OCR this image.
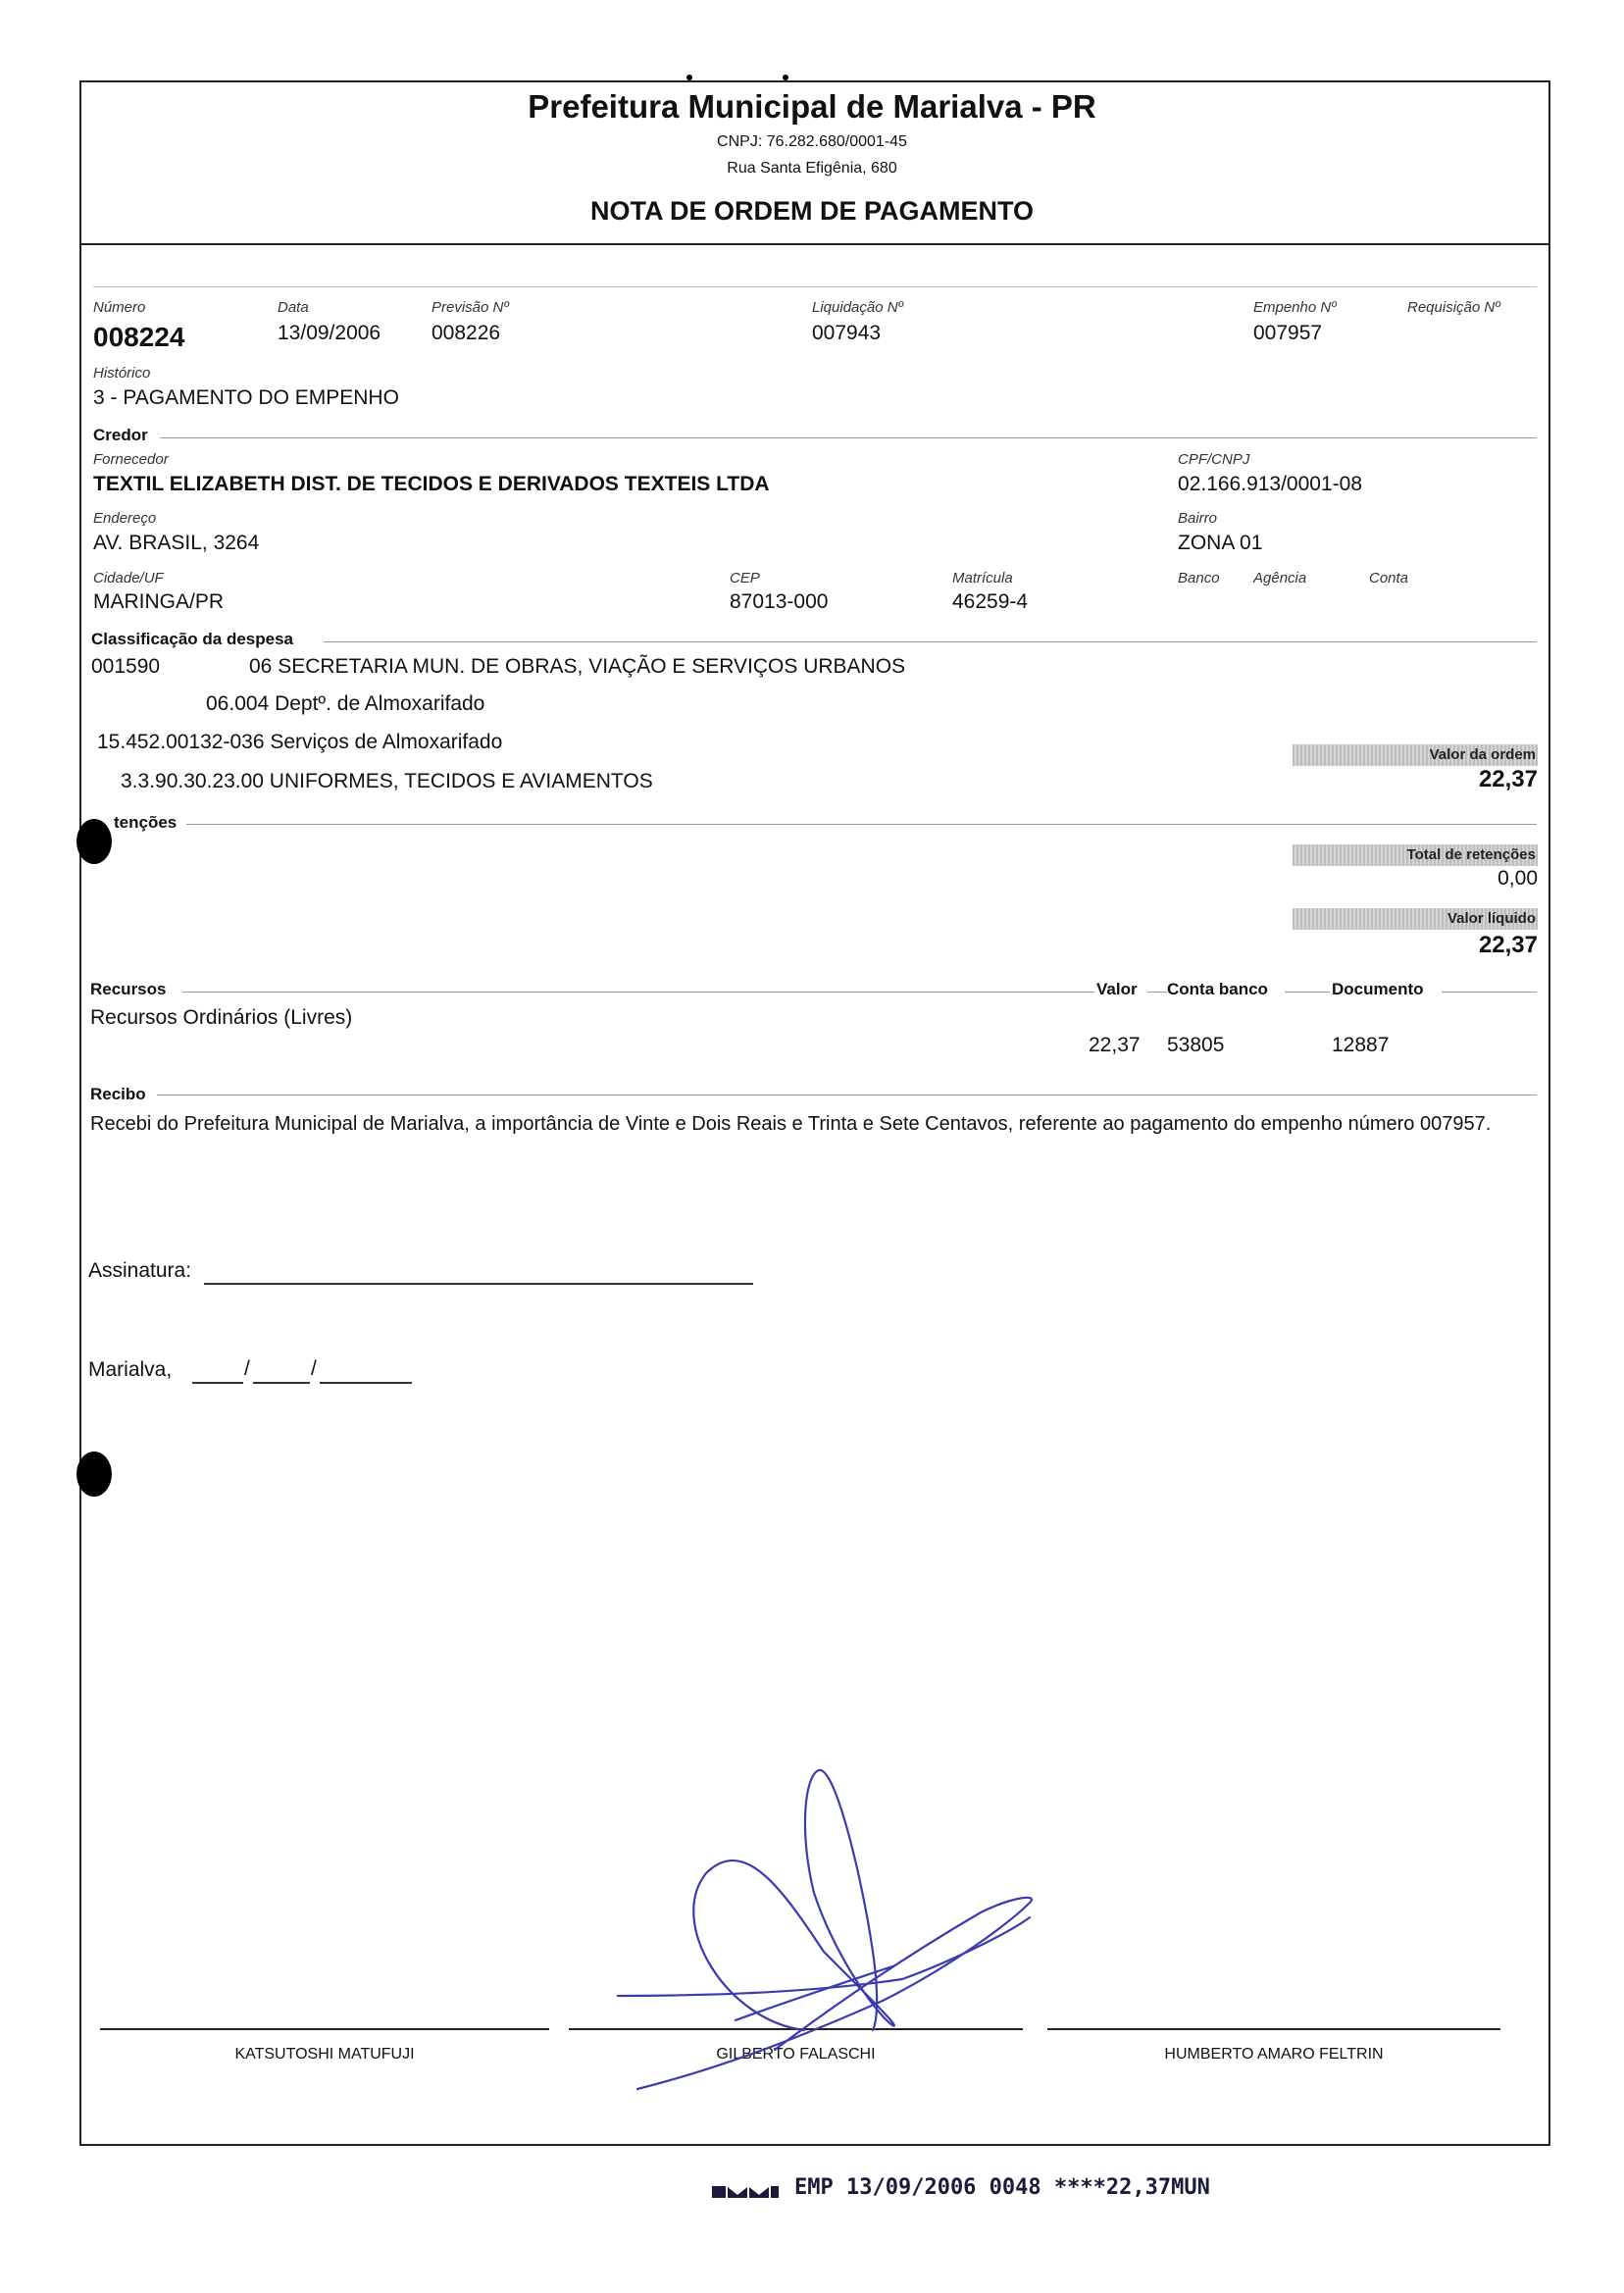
Prefeitura Municipal de Marialva - PR
CNPJ: 76.282.680/0001-45
Rua Santa Efigênia, 680
NOTA DE ORDEM DE PAGAMENTO
Número
008224
Data
13/09/2006
Previsão Nº
008226
Liquidação Nº
007943
Empenho Nº
007957
Requisição Nº
Histórico
3 - PAGAMENTO DO EMPENHO
Credor
Fornecedor
TEXTIL ELIZABETH DIST. DE TECIDOS E DERIVADOS TEXTEIS LTDA
CPF/CNPJ
02.166.913/0001-08
Endereço
AV. BRASIL, 3264
Bairro
ZONA 01
Cidade/UF
MARINGA/PR
CEP
87013-000
Matrícula
46259-4
Banco Agência	Conta
Classificação da despesa
001590	06 SECRETARIA MUN. DE OBRAS, VIAÇÃO E SERVIÇOS URBANOS
06.004 Deptº. de Almoxarifado
15.452.00132-036 Serviços de Almoxarifado
3.3.90.30.23.00 UNIFORMES, TECIDOS E AVIAMENTOS
Valor da ordem
22,37
tenções
Total de retenções
0,00
Valor líquido
22,37
Recursos	Valor Conta banco	Documento
Recursos Ordinários (Livres)
22,37 53805	12887
Recibo
Recebi do Prefeitura Municipal de Marialva, a importância de Vinte e Dois Reais e Trinta e Sete Centavos, referente ao pagamento do empenho número 007957.
Assinatura:
Marialva,	/	/
KATSUTOSHI MATUFUJI	GILBERTO FALASCHI	HUMBERTO AMARO FELTRIN
EMP 13/09/2006 0048 ****22,37MUN
